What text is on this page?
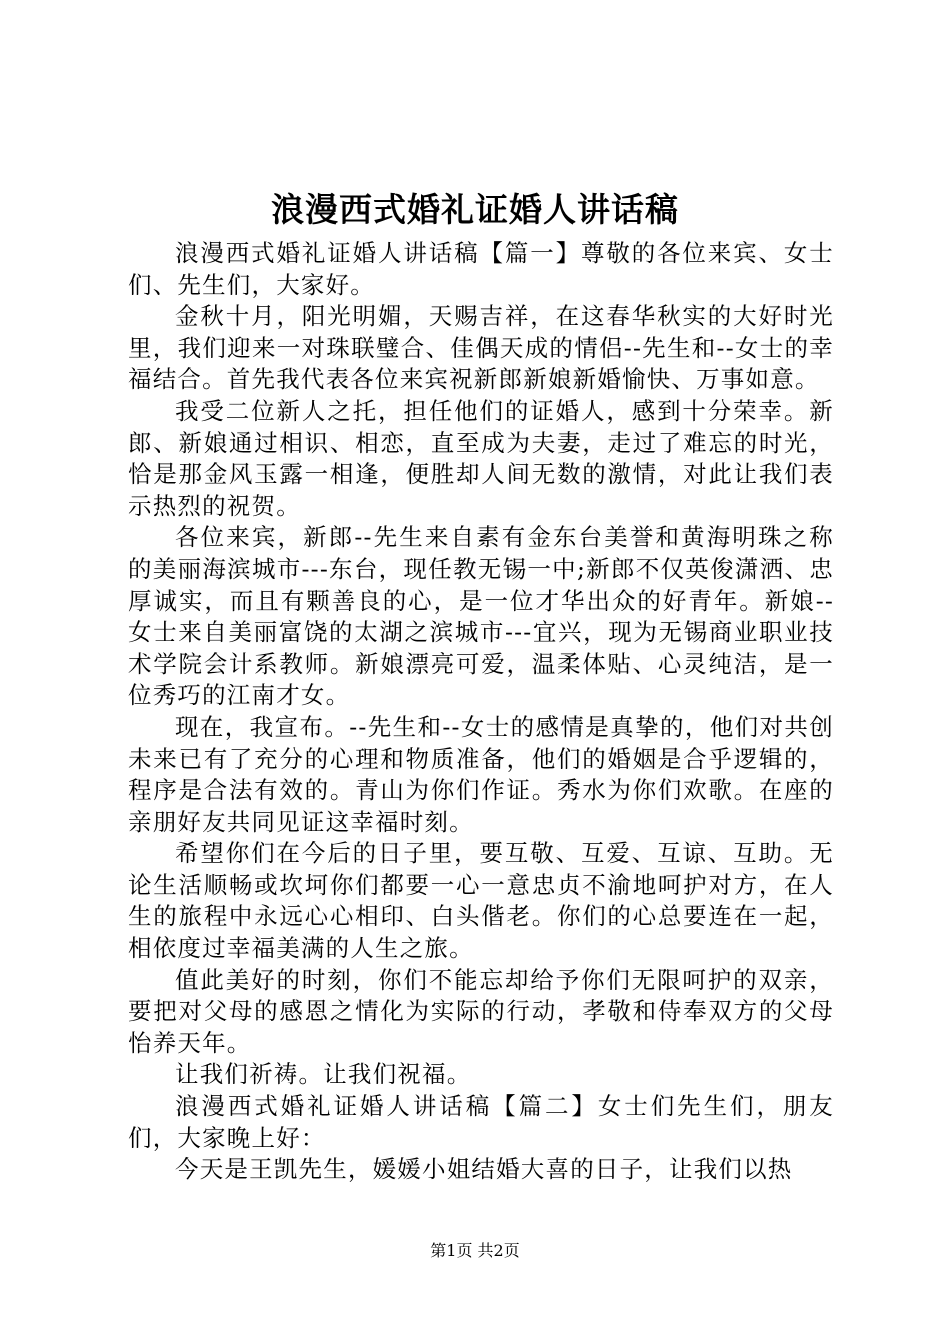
浪漫西式婚礼证婚人讲话稿

浪漫西式婚礼证婚人讲话稿【篇一】尊敬的各位来宾、女士们、先生们，大家好。

金秋十月，阳光明媚，天赐吉祥，在这春华秋实的大好时光里，我们迎来一对珠联璧合、佳偶天成的情侣--先生和--女士的幸福结合。首先我代表各位来宾祝新郎新娘新婚愉快、万事如意。

我受二位新人之托，担任他们的证婚人，感到十分荣幸。新郎、新娘通过相识、相恋，直至成为夫妻，走过了难忘的时光，恰是那金风玉露一相逢，便胜却人间无数的激情，对此让我们表示热烈的祝贺。

各位来宾，新郎--先生来自素有金东台美誉和黄海明珠之称的美丽海滨城市---东台，现任教无锡一中;新郎不仅英俊潇洒、忠厚诚实，而且有颗善良的心，是一位才华出众的好青年。新娘--女士来自美丽富饶的太湖之滨城市---宜兴，现为无锡商业职业技术学院会计系教师。新娘漂亮可爱，温柔体贴、心灵纯洁，是一位秀巧的江南才女。

现在，我宣布。--先生和--女士的感情是真挚的，他们对共创未来已有了充分的心理和物质准备，他们的婚姻是合乎逻辑的，程序是合法有效的。青山为你们作证。秀水为你们欢歌。在座的亲朋好友共同见证这幸福时刻。

希望你们在今后的日子里，要互敬、互爱、互谅、互助。无论生活顺畅或坎坷你们都要一心一意忠贞不渝地呵护对方，在人生的旅程中永远心心相印、白头偕老。你们的心总要连在一起，相依度过幸福美满的人生之旅。

值此美好的时刻，你们不能忘却给予你们无限呵护的双亲，要把对父母的感恩之情化为实际的行动，孝敬和侍奉双方的父母怡养天年。

让我们祈祷。让我们祝福。

浪漫西式婚礼证婚人讲话稿【篇二】女士们先生们，朋友们，大家晚上好：

今天是王凯先生，媛媛小姐结婚大喜的日子，让我们以热

第1页 共2页
